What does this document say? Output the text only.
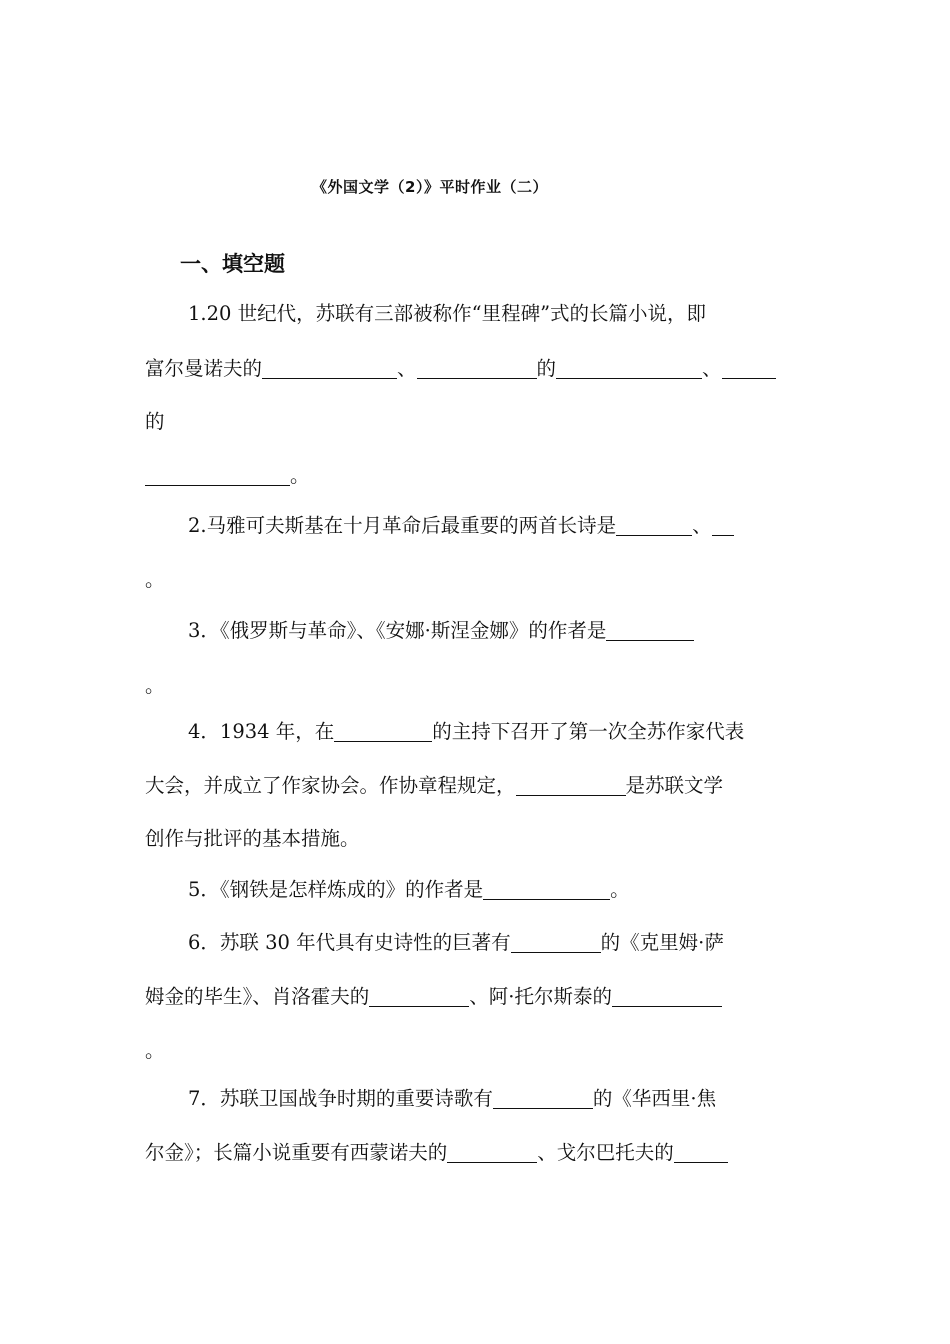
《外国文学（2）》平时作业（二）
一、填空题
1.20 世纪代，苏联有三部被称作“里程碑”式的长篇小说，即
富尔曼诺夫的	、	的	、
的
。
2.马雅可夫斯基在十月革命后最重要的两首长诗是	、
。
3．《俄罗斯与革命》、《安娜·斯涅金娜》的作者是
。
4．1934 年，在	的主持下召开了第一次全苏作家代表
大会，并成立了作家协会。作协章程规定，	是苏联文学
创作与批评的基本措施。
5．《钢铁是怎样炼成的》的作者是	。
6．苏联 30 年代具有史诗性的巨著有	的《克里姆·萨
姆金的毕生》、肖洛霍夫的	、阿·托尔斯泰的
。
7．苏联卫国战争时期的重要诗歌有	的《华西里·焦
尔金》；长篇小说重要有西蒙诺夫的	、戈尔巴托夫的
